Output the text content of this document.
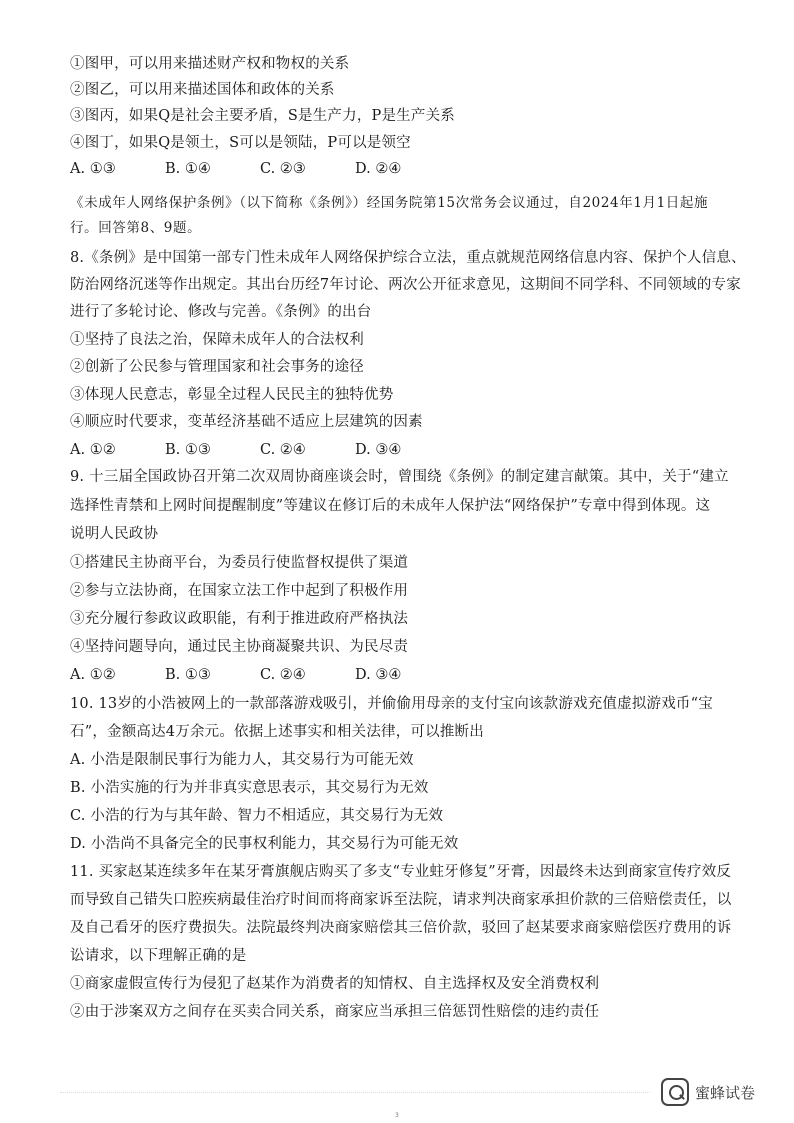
①图甲，可以用来描述财产权和物权的关系
②图乙，可以用来描述国体和政体的关系
③图丙，如果Q是社会主要矛盾，S是生产力，P是生产关系
④图丁，如果Q是领土，S可以是领陆，P可以是领空
A. ①③	B. ①④	C. ②③	D. ②④
《未成年人网络保护条例》（以下简称《条例》）经国务院第15次常务会议通过，自2024年1月1日起施
行。回答第8、9题。
8.《条例》是中国第一部专门性未成年人网络保护综合立法，重点就规范网络信息内容、保护个人信息、
防治网络沉迷等作出规定。其出台历经7年讨论、两次公开征求意见，这期间不同学科、不同领域的专家
进行了多轮讨论、修改与完善。《条例》的出台
①坚持了良法之治，保障未成年人的合法权利
②创新了公民参与管理国家和社会事务的途径
③体现人民意志，彰显全过程人民民主的独特优势
④顺应时代要求，变革经济基础不适应上层建筑的因素
A. ①②	B. ①③	C. ②④	D. ③④
9. 十三届全国政协召开第二次双周协商座谈会时，曾围绕《条例》的制定建言献策。其中，关于“建立
选择性青禁和上网时间提醒制度”等建议在修订后的未成年人保护法“网络保护”专章中得到体现。这
说明人民政协
①搭建民主协商平台，为委员行使监督权提供了渠道
②参与立法协商，在国家立法工作中起到了积极作用
③充分履行参政议政职能，有利于推进政府严格执法
④坚持问题导向，通过民主协商凝聚共识、为民尽责
A. ①②	B. ①③	C. ②④	D. ③④
10. 13岁的小浩被网上的一款部落游戏吸引，并偷偷用母亲的支付宝向该款游戏充值虚拟游戏币“宝
石”，金额高达4万余元。依据上述事实和相关法律，可以推断出
A. 小浩是限制民事行为能力人，其交易行为可能无效
B. 小浩实施的行为并非真实意思表示，其交易行为无效
C. 小浩的行为与其年龄、智力不相适应，其交易行为无效
D. 小浩尚不具备完全的民事权利能力，其交易行为可能无效
11. 买家赵某连续多年在某牙膏旗舰店购买了多支“专业蛀牙修复”牙膏，因最终未达到商家宣传疗效反
而导致自己错失口腔疾病最佳治疗时间而将商家诉至法院，请求判决商家承担价款的三倍赔偿责任，以
及自己看牙的医疗费损失。法院最终判决商家赔偿其三倍价款，驳回了赵某要求商家赔偿医疗费用的诉
讼请求，以下理解正确的是
①商家虚假宣传行为侵犯了赵某作为消费者的知情权、自主选择权及安全消费权利
②由于涉案双方之间存在买卖合同关系，商家应当承担三倍惩罚性赔偿的违约责任
蜜蜂试卷
3
